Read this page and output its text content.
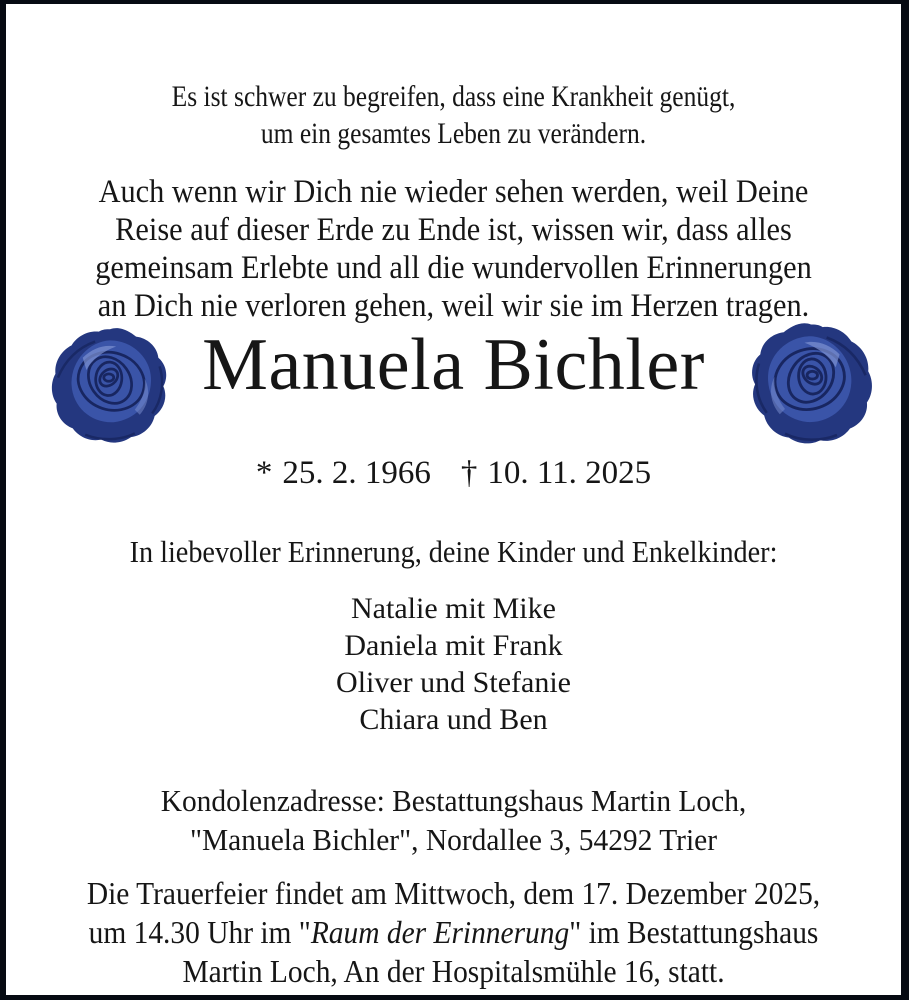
Es ist schwer zu begreifen, dass eine Krankheit genügt,
um ein gesamtes Leben zu verändern.

Auch wenn wir Dich nie wieder sehen werden, weil Deine
Reise auf dieser Erde zu Ende ist, wissen wir, dass alles
gemeinsam Erlebte und all die wundervollen Erinnerungen
an Dich nie verloren gehen, weil wir sie im Herzen tragen.

Manuela Bichler

* 25. 2. 1966 † 10. 11. 2025

In liebevoller Erinnerung, deine Kinder und Enkelkinder:

Natalie mit Mike
Daniela mit Frank
Oliver und Stefanie
Chiara und Ben

Kondolenzadresse: Bestattungshaus Martin Loch,
"Manuela Bichler", Nordallee 3, 54292 Trier

Die Trauerfeier findet am Mittwoch, dem 17. Dezember 2025,
um 14.30 Uhr im "Raum der Erinnerung" im Bestattungshaus
Martin Loch, An der Hospitalsmühle 16, statt.
